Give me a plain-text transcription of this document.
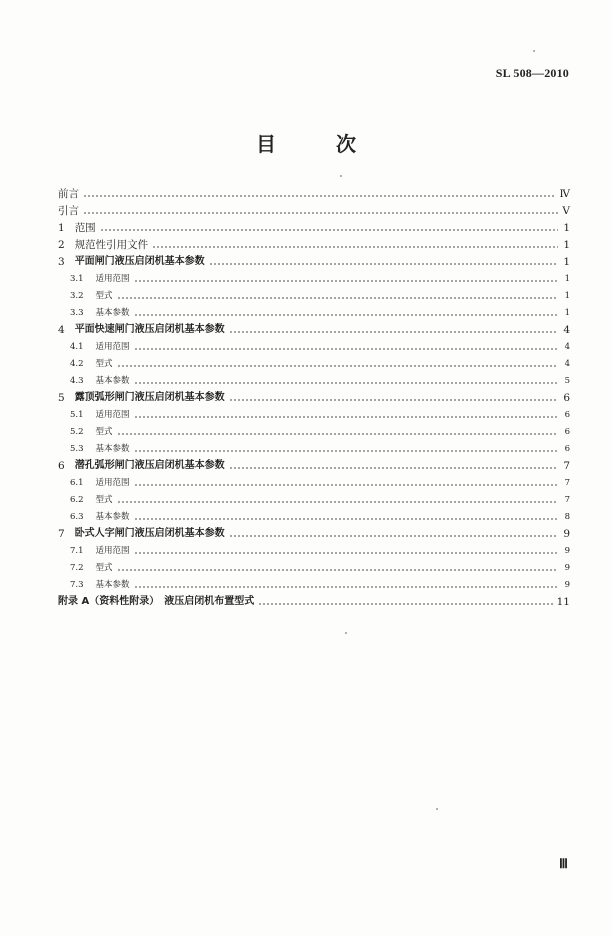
SL 508—2010
目　次
前言	Ⅳ
引言	Ⅴ
1 范围	1
2 规范性引用文件	1
3 平面闸门液压启闭机基本参数	1
3.1 适用范围	1
3.2 型式	1
3.3 基本参数	1
4 平面快速闸门液压启闭机基本参数	4
4.1 适用范围	4
4.2 型式	4
4.3 基本参数	5
5 露顶弧形闸门液压启闭机基本参数	6
5.1 适用范围	6
5.2 型式	6
5.3 基本参数	6
6 潜孔弧形闸门液压启闭机基本参数	7
6.1 适用范围	7
6.2 型式	7
6.3 基本参数	8
7 卧式人字闸门液压启闭机基本参数	9
7.1 适用范围	9
7.2 型式	9
7.3 基本参数	9
附录 A（资料性附录）　液压启闭机布置型式	11
Ⅲ
